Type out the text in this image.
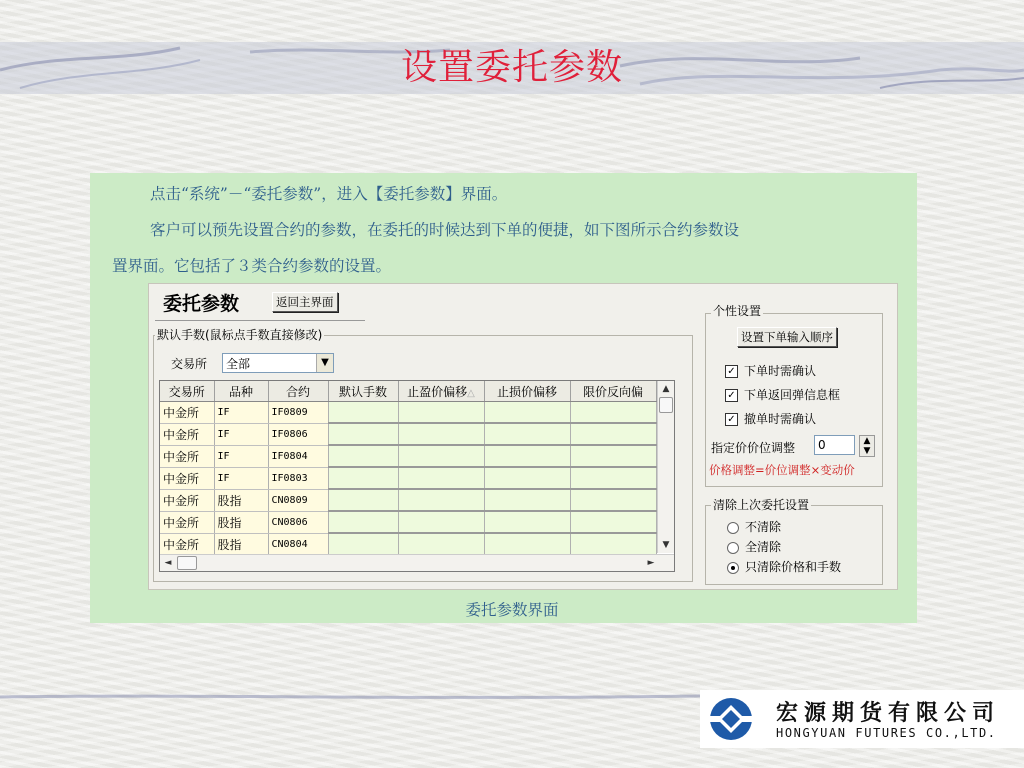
设置委托参数
点击“系统”－“委托参数”，进入【委托参数】界面。
客户可以预先设置合约的参数，在委托的时候达到下单的便捷，如下图所示合约参数设
置界面。它包括了３类合约参数的设置。
委托参数	返回主界面
默认手数(鼠标点手数直接修改)
交易所 全部	▼
交易所	品种	合约	默认手数	止盈价偏移△	止损价偏移	限价反向偏
中金所	IF	IF0809				
中金所	IF	IF0806				
中金所	IF	IF0804				
中金所	IF	IF0803				
中金所	股指	CN0809				
中金所	股指	CN0806				
中金所	股指	CN0804				
▲
▼
◄	►
个性设置
设置下单输入顺序
✓ 下单时需确认
✓ 下单返回弹信息框
✓ 撤单时需确认
指定价价位调整	0	▲
▼
价格调整=价位调整×变动价
清除上次委托设置
不清除
全清除
只清除价格和手数
委托参数界面
宏源期货有限公司
HONGYUAN FUTURES CO.,LTD.
